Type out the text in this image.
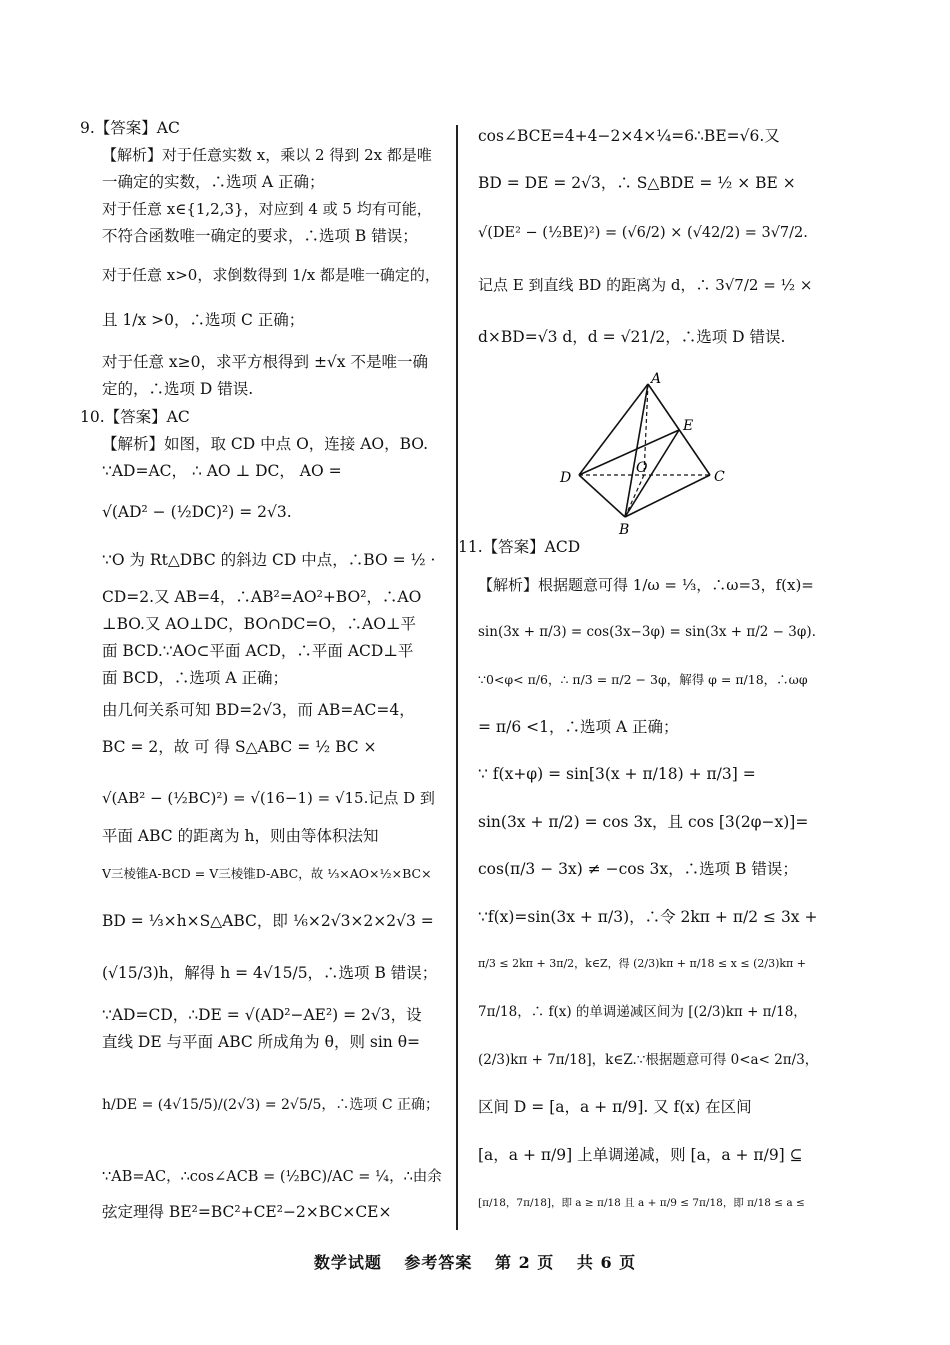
9.【答案】AC
【解析】对于任意实数 x，乘以 2 得到 2x 都是唯
一确定的实数，∴选项 A 正确；
对于任意 x∈{1,2,3}，对应到 4 或 5 均有可能，
不符合函数唯一确定的要求，∴选项 B 错误；
对于任意 x>0，求倒数得到 1/x 都是唯一确定的，
且 1/x >0，∴选项 C 正确；
对于任意 x≥0，求平方根得到 ±√x 不是唯一确
定的，∴选项 D 错误.
10.【答案】AC
【解析】如图，取 CD 中点 O，连接 AO，BO.
∵AD=AC， ∴ AO ⊥ DC， AO =
√(AD² − (½DC)²) = 2√3.
∵O 为 Rt△DBC 的斜边 CD 中点，∴BO = ½ ·
CD=2.又 AB=4，∴AB²=AO²+BO²，∴AO
⊥BO.又 AO⊥DC，BO∩DC=O，∴AO⊥平
面 BCD.∵AO⊂平面 ACD，∴平面 ACD⊥平
面 BCD，∴选项 A 正确；
由几何关系可知 BD=2√3，而 AB=AC=4，
BC = 2，故 可 得 S△ABC = ½ BC ×
√(AB² − (½BC)²) = √(16−1) = √15.记点 D 到
平面 ABC 的距离为 h，则由等体积法知
V三棱锥A-BCD = V三棱锥D-ABC，故 ⅓×AO×½×BC×
BD = ⅓×h×S△ABC，即 ⅙×2√3×2×2√3 =
(√15/3)h，解得 h = 4√15/5，∴选项 B 错误；
∵AD=CD，∴DE = √(AD²−AE²) = 2√3，设
直线 DE 与平面 ABC 所成角为 θ，则 sin θ=
h/DE = (4√15/5)/(2√3) = 2√5/5，∴选项 C 正确；
∵AB=AC，∴cos∠ACB = (½BC)/AC = ¼，∴由余
弦定理得 BE²=BC²+CE²−2×BC×CE×
cos∠BCE=4+4−2×4×¼=6∴BE=√6.又
BD = DE = 2√3，∴ S△BDE = ½ × BE ×
√(DE² − (½BE)²) = (√6/2) × (√42/2) = 3√7/2.
记点 E 到直线 BD 的距离为 d，∴ 3√7/2 = ½ ×
d×BD=√3 d，d = √21/2，∴选项 D 错误.
11.【答案】ACD
【解析】根据题意可得 1/ω = ⅓，∴ω=3，f(x)=
sin(3x + π/3) = cos(3x−3φ) = sin(3x + π/2 − 3φ).
∵0<φ< π/6，∴ π/3 = π/2 − 3φ，解得 φ = π/18，∴ωφ
= π/6 <1，∴选项 A 正确；
∵ f(x+φ) = sin[3(x + π/18) + π/3] =
sin(3x + π/2) = cos 3x，且 cos [3(2φ−x)]=
cos(π/3 − 3x) ≠ −cos 3x，∴选项 B 错误；
∵f(x)=sin(3x + π/3)，∴令 2kπ + π/2 ≤ 3x +
π/3 ≤ 2kπ + 3π/2，k∈Z，得 (2/3)kπ + π/18 ≤ x ≤ (2/3)kπ +
7π/18，∴ f(x) 的单调递减区间为 [(2/3)kπ + π/18，
(2/3)kπ + 7π/18]，k∈Z.∵根据题意可得 0<a< 2π/3，
区间 D = [a，a + π/9]. 又 f(x) 在区间
[a，a + π/9] 上单调递减，则 [a，a + π/9] ⊆
[π/18，7π/18]，即 a ≥ π/18 且 a + π/9 ≤ 7π/18，即 π/18 ≤ a ≤
A
E
D
O
C
B
数学试题 参考答案 第 2 页 共 6 页
